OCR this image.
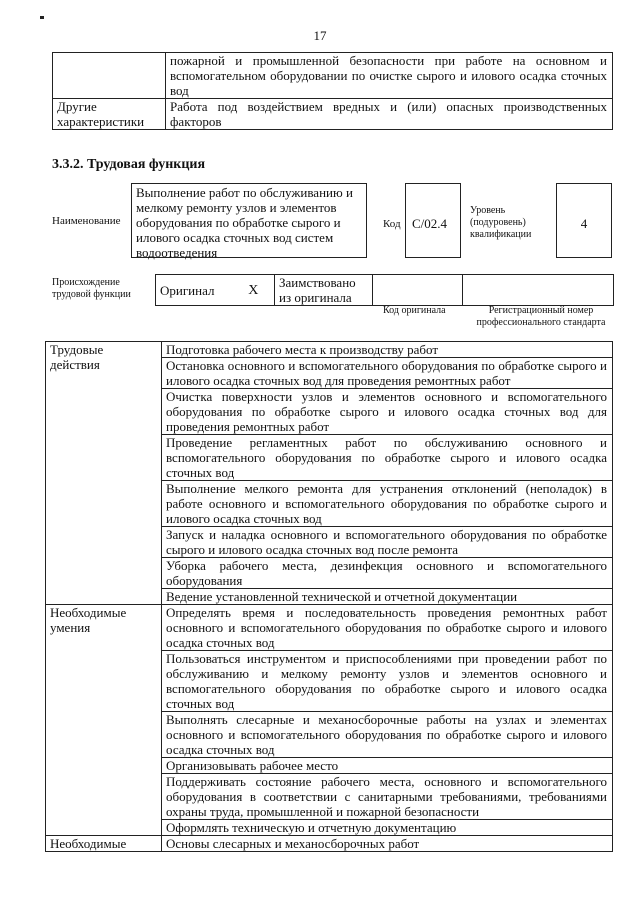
17
	пожарной и промышленной безопасности при работе на основном и вспомогательном оборудовании по очистке сырого и илового осадка сточных вод
Другие характеристики	Работа под воздействием вредных и (или) опасных производственных факторов
3.3.2. Трудовая функция
Наименование
Выполнение работ по обслуживанию и мелкому ремонту узлов и элементов оборудования по обработке сырого и илового осадка сточных вод систем водоотведения
Код C/02.4
Уровень (подуровень) квалификации
4
Происхождение трудовой функции	Оригинал	X	Заимствовано из оригинала		
Код оригинала	Регистрационный номер профессионального стандарта
Трудовые действия	Подготовка рабочего места к производству работ
	Остановка основного и вспомогательного оборудования по обработке сырого и илового осадка сточных вод для проведения ремонтных работ
	Очистка поверхности узлов и элементов основного и вспомогательного оборудования по обработке сырого и илового осадка сточных вод для проведения ремонтных работ
	Проведение регламентных работ по обслуживанию основного и вспомогательного оборудования по обработке сырого и илового осадка сточных вод
	Выполнение мелкого ремонта для устранения отклонений (неполадок) в работе основного и вспомогательного оборудования по обработке сырого и илового осадка сточных вод
	Запуск и наладка основного и вспомогательного оборудования по обработке сырого и илового осадка сточных вод после ремонта
	Уборка рабочего места, дезинфекция основного и вспомогательного оборудования
	Ведение установленной технической и отчетной документации
Необходимые умения	Определять время и последовательность проведения ремонтных работ основного и вспомогательного оборудования по обработке сырого и илового осадка сточных вод
	Пользоваться инструментом и приспособлениями при проведении работ по обслуживанию и мелкому ремонту узлов и элементов основного и вспомогательного оборудования по обработке сырого и илового осадка сточных вод
	Выполнять слесарные и механосборочные работы на узлах и элементах основного и вспомогательного оборудования по обработке сырого и илового осадка сточных вод
	Организовывать рабочее место
	Поддерживать состояние рабочего места, основного и вспомогательного оборудования в соответствии с санитарными требованиями, требованиями охраны труда, промышленной и пожарной безопасности
	Оформлять техническую и отчетную документацию
Необходимые	Основы слесарных и механосборочных работ
